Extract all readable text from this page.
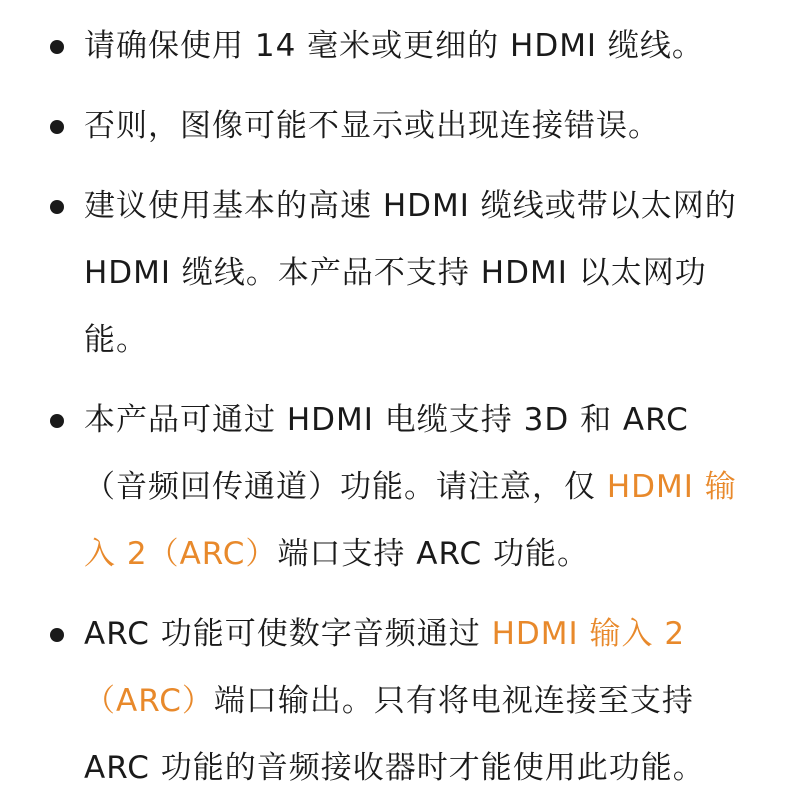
请确保使用 14 毫米或更细的 HDMI 缆线。
否则，图像可能不显示或出现连接错误。
建议使用基本的高速 HDMI 缆线或带以太网的 HDMI 缆线。本产品不支持 HDMI 以太网功能。
本产品可通过 HDMI 电缆支持 3D 和 ARC（音频回传通道）功能。请注意，仅 HDMI 输入 2（ARC）端口支持 ARC 功能。
ARC 功能可使数字音频通过 HDMI 输入 2（ARC）端口输出。只有将电视连接至支持 ARC 功能的音频接收器时才能使用此功能。
